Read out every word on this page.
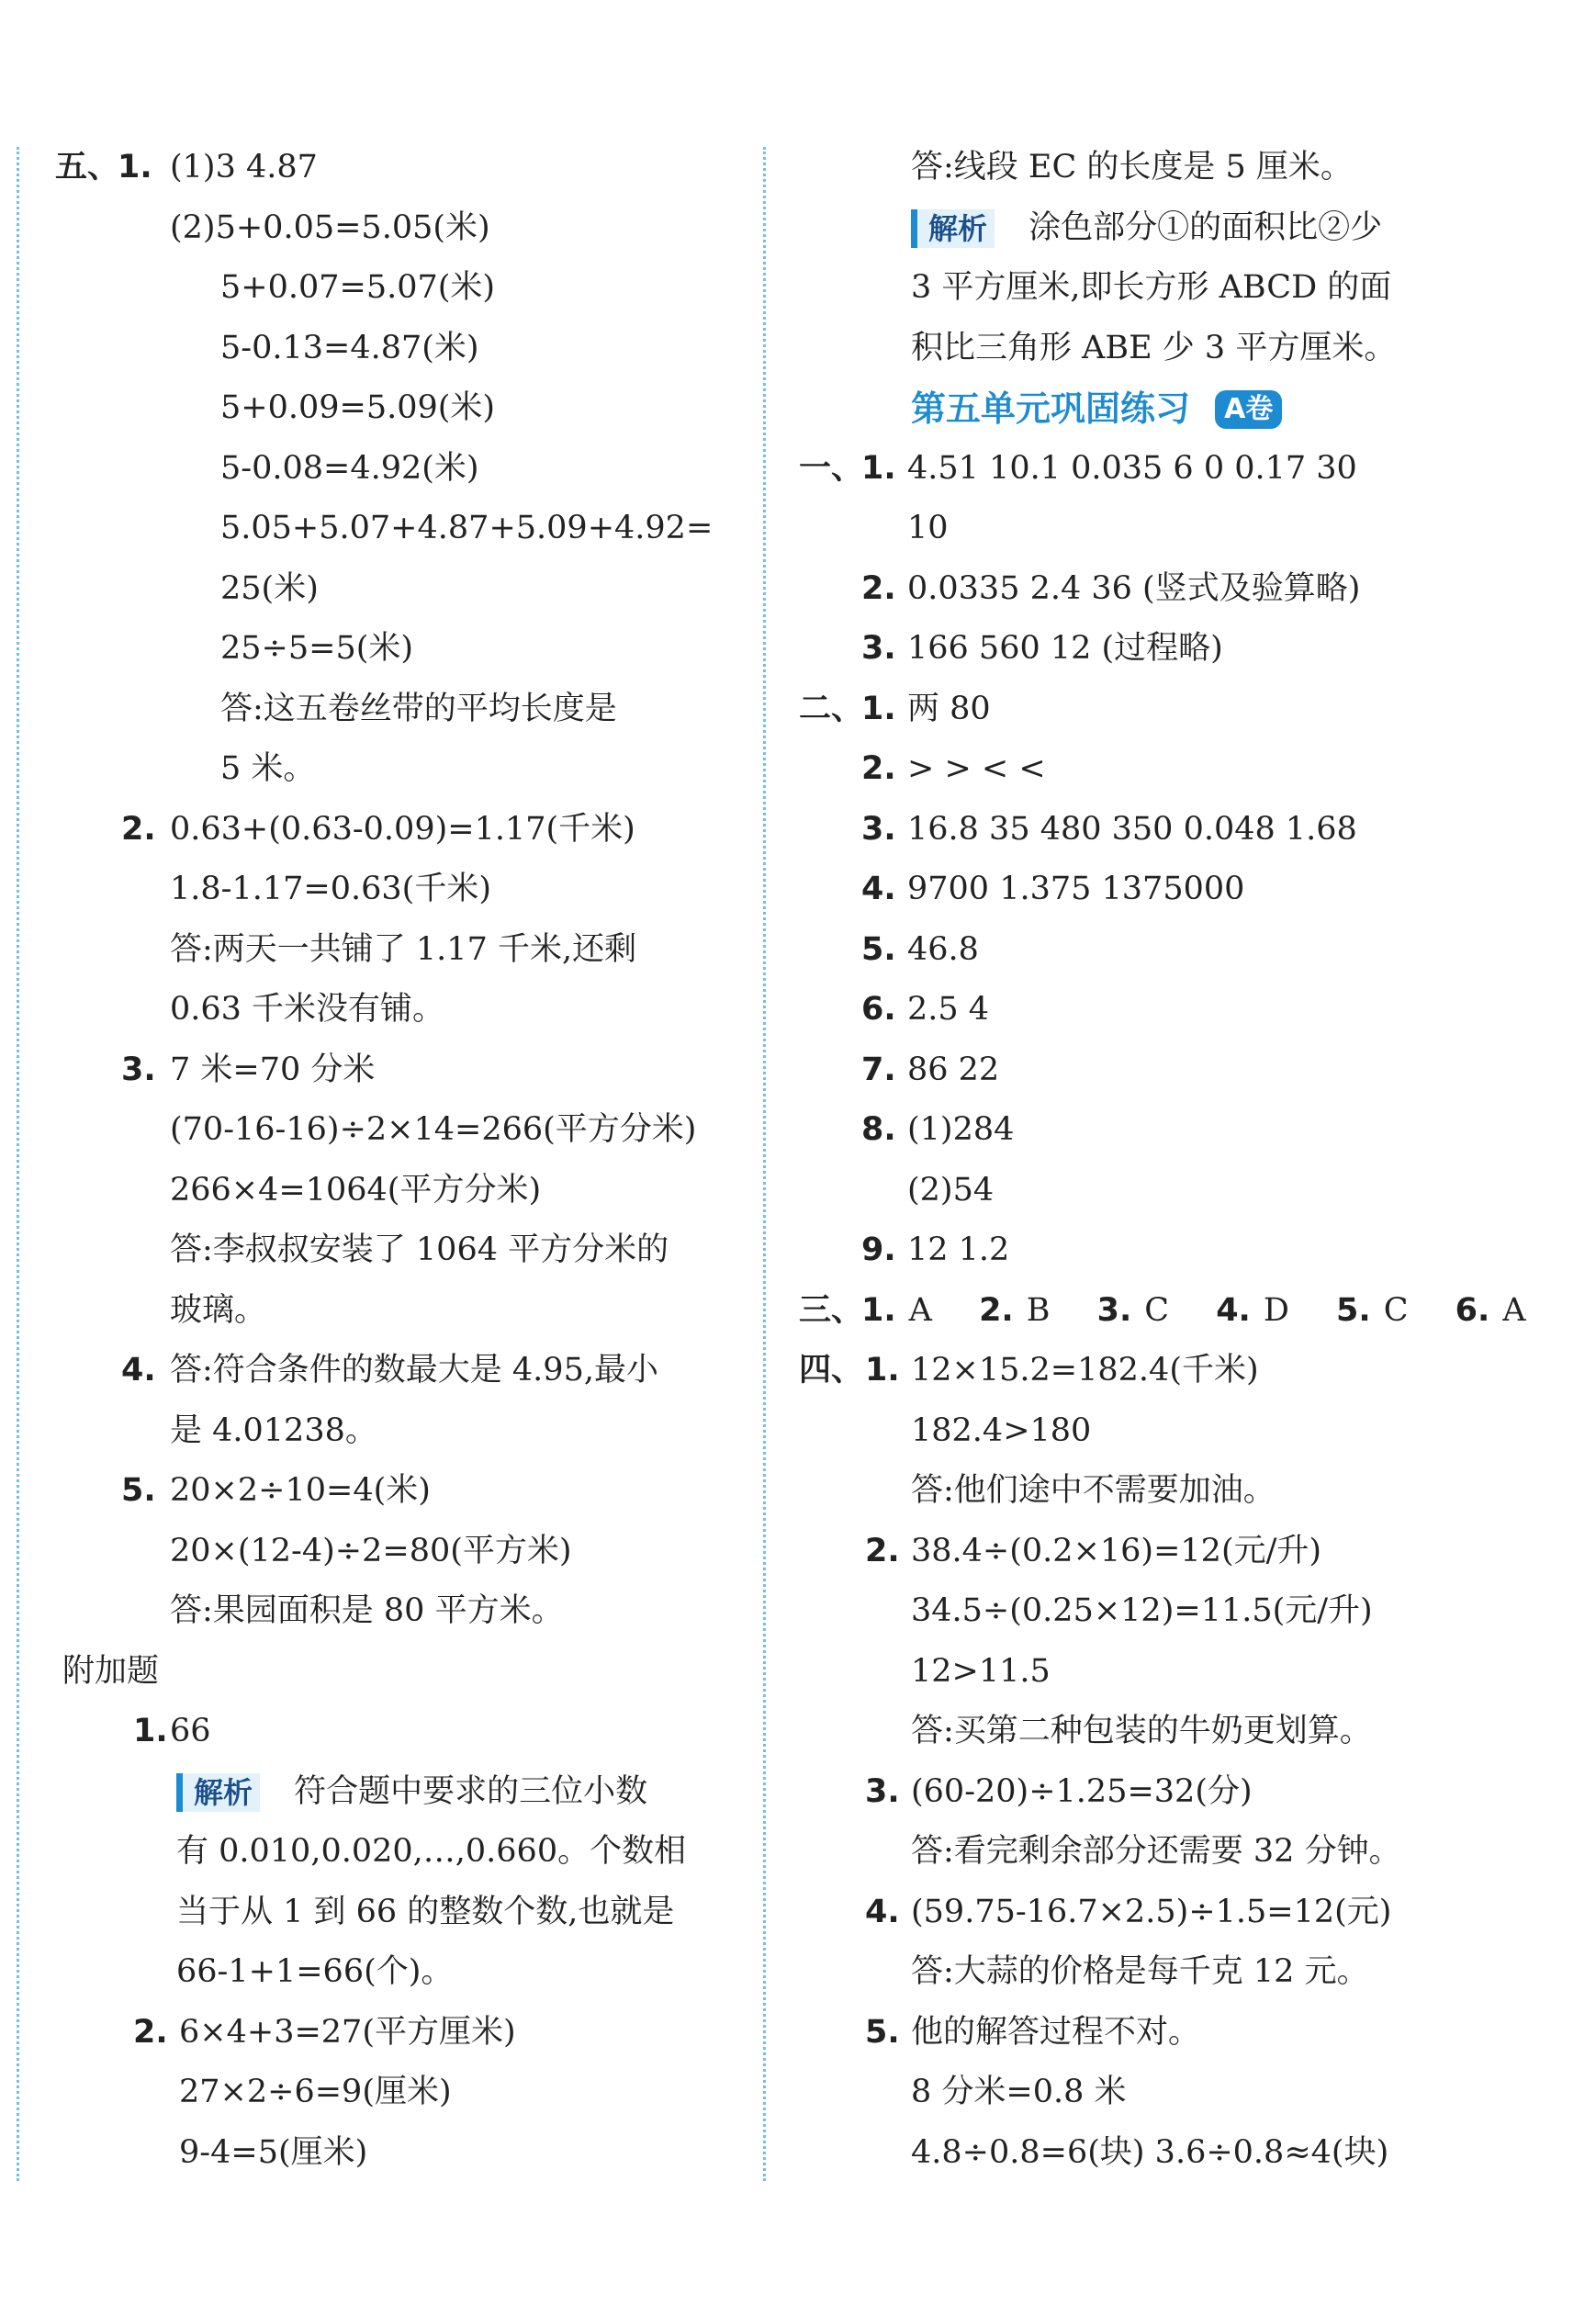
五、
1. (1)3 4.87
(2)5+0.05=5.05(米)
5+0.07=5.07(米)
5-0.13=4.87(米)
5+0.09=5.09(米)
5-0.08=4.92(米)
5.05+5.07+4.87+5.09+4.92=
25(米)
25÷5=5(米)
答:这五卷丝带的平均长度是
5 米。
2. 0.63+(0.63-0.09)=1.17(千米)
1.8-1.17=0.63(千米)
答:两天一共铺了 1.17 千米,还剩
0.63 千米没有铺。
3. 7 米=70 分米
(70-16-16)÷2×14=266(平方分米)
266×4=1064(平方分米)
答:李叔叔安装了 1064 平方分米的
玻璃。
4. 答:符合条件的数最大是 4.95,最小
是 4.01238。
5. 20×2÷10=4(米)
20×(12-4)÷2=80(平方米)
答:果园面积是 80 平方米。
附加题
1. 66
解析 符合题中要求的三位小数
有 0.010,0.020,…,0.660。个数相
当于从 1 到 66 的整数个数,也就是
66-1+1=66(个)。
2. 6×4+3=27(平方厘米)
27×2÷6=9(厘米)
9-4=5(厘米)
答:线段 EC 的长度是 5 厘米。
解析 涂色部分①的面积比②少
3 平方厘米,即长方形 ABCD 的面
积比三角形 ABE 少 3 平方厘米。
第五单元巩固练习 A卷
一、
1. 4.51 10.1 0.035 6 0 0.17 30
10
2. 0.0335 2.4 36 (竖式及验算略)
3. 166 560 12 (过程略)
二、
1. 两 80
2. > > < <
3. 16.8 35 480 350 0.048 1.68
4. 9700 1.375 1375000
5. 46.8
6. 2.5 4
7. 86 22
8. (1)284
(2)54
9. 12 1.2
三、
1. A 2. B 3. C 4. D 5. C 6. A
四、 1. 12×15.2=182.4(千米)
182.4>180
答:他们途中不需要加油。
2. 38.4÷(0.2×16)=12(元/升)
34.5÷(0.25×12)=11.5(元/升)
12>11.5
答:买第二种包装的牛奶更划算。
3. (60-20)÷1.25=32(分)
答:看完剩余部分还需要 32 分钟。
4. (59.75-16.7×2.5)÷1.5=12(元)
答:大蒜的价格是每千克 12 元。
5. 他的解答过程不对。
8 分米=0.8 米
4.8÷0.8=6(块) 3.6÷0.8≈4(块)
